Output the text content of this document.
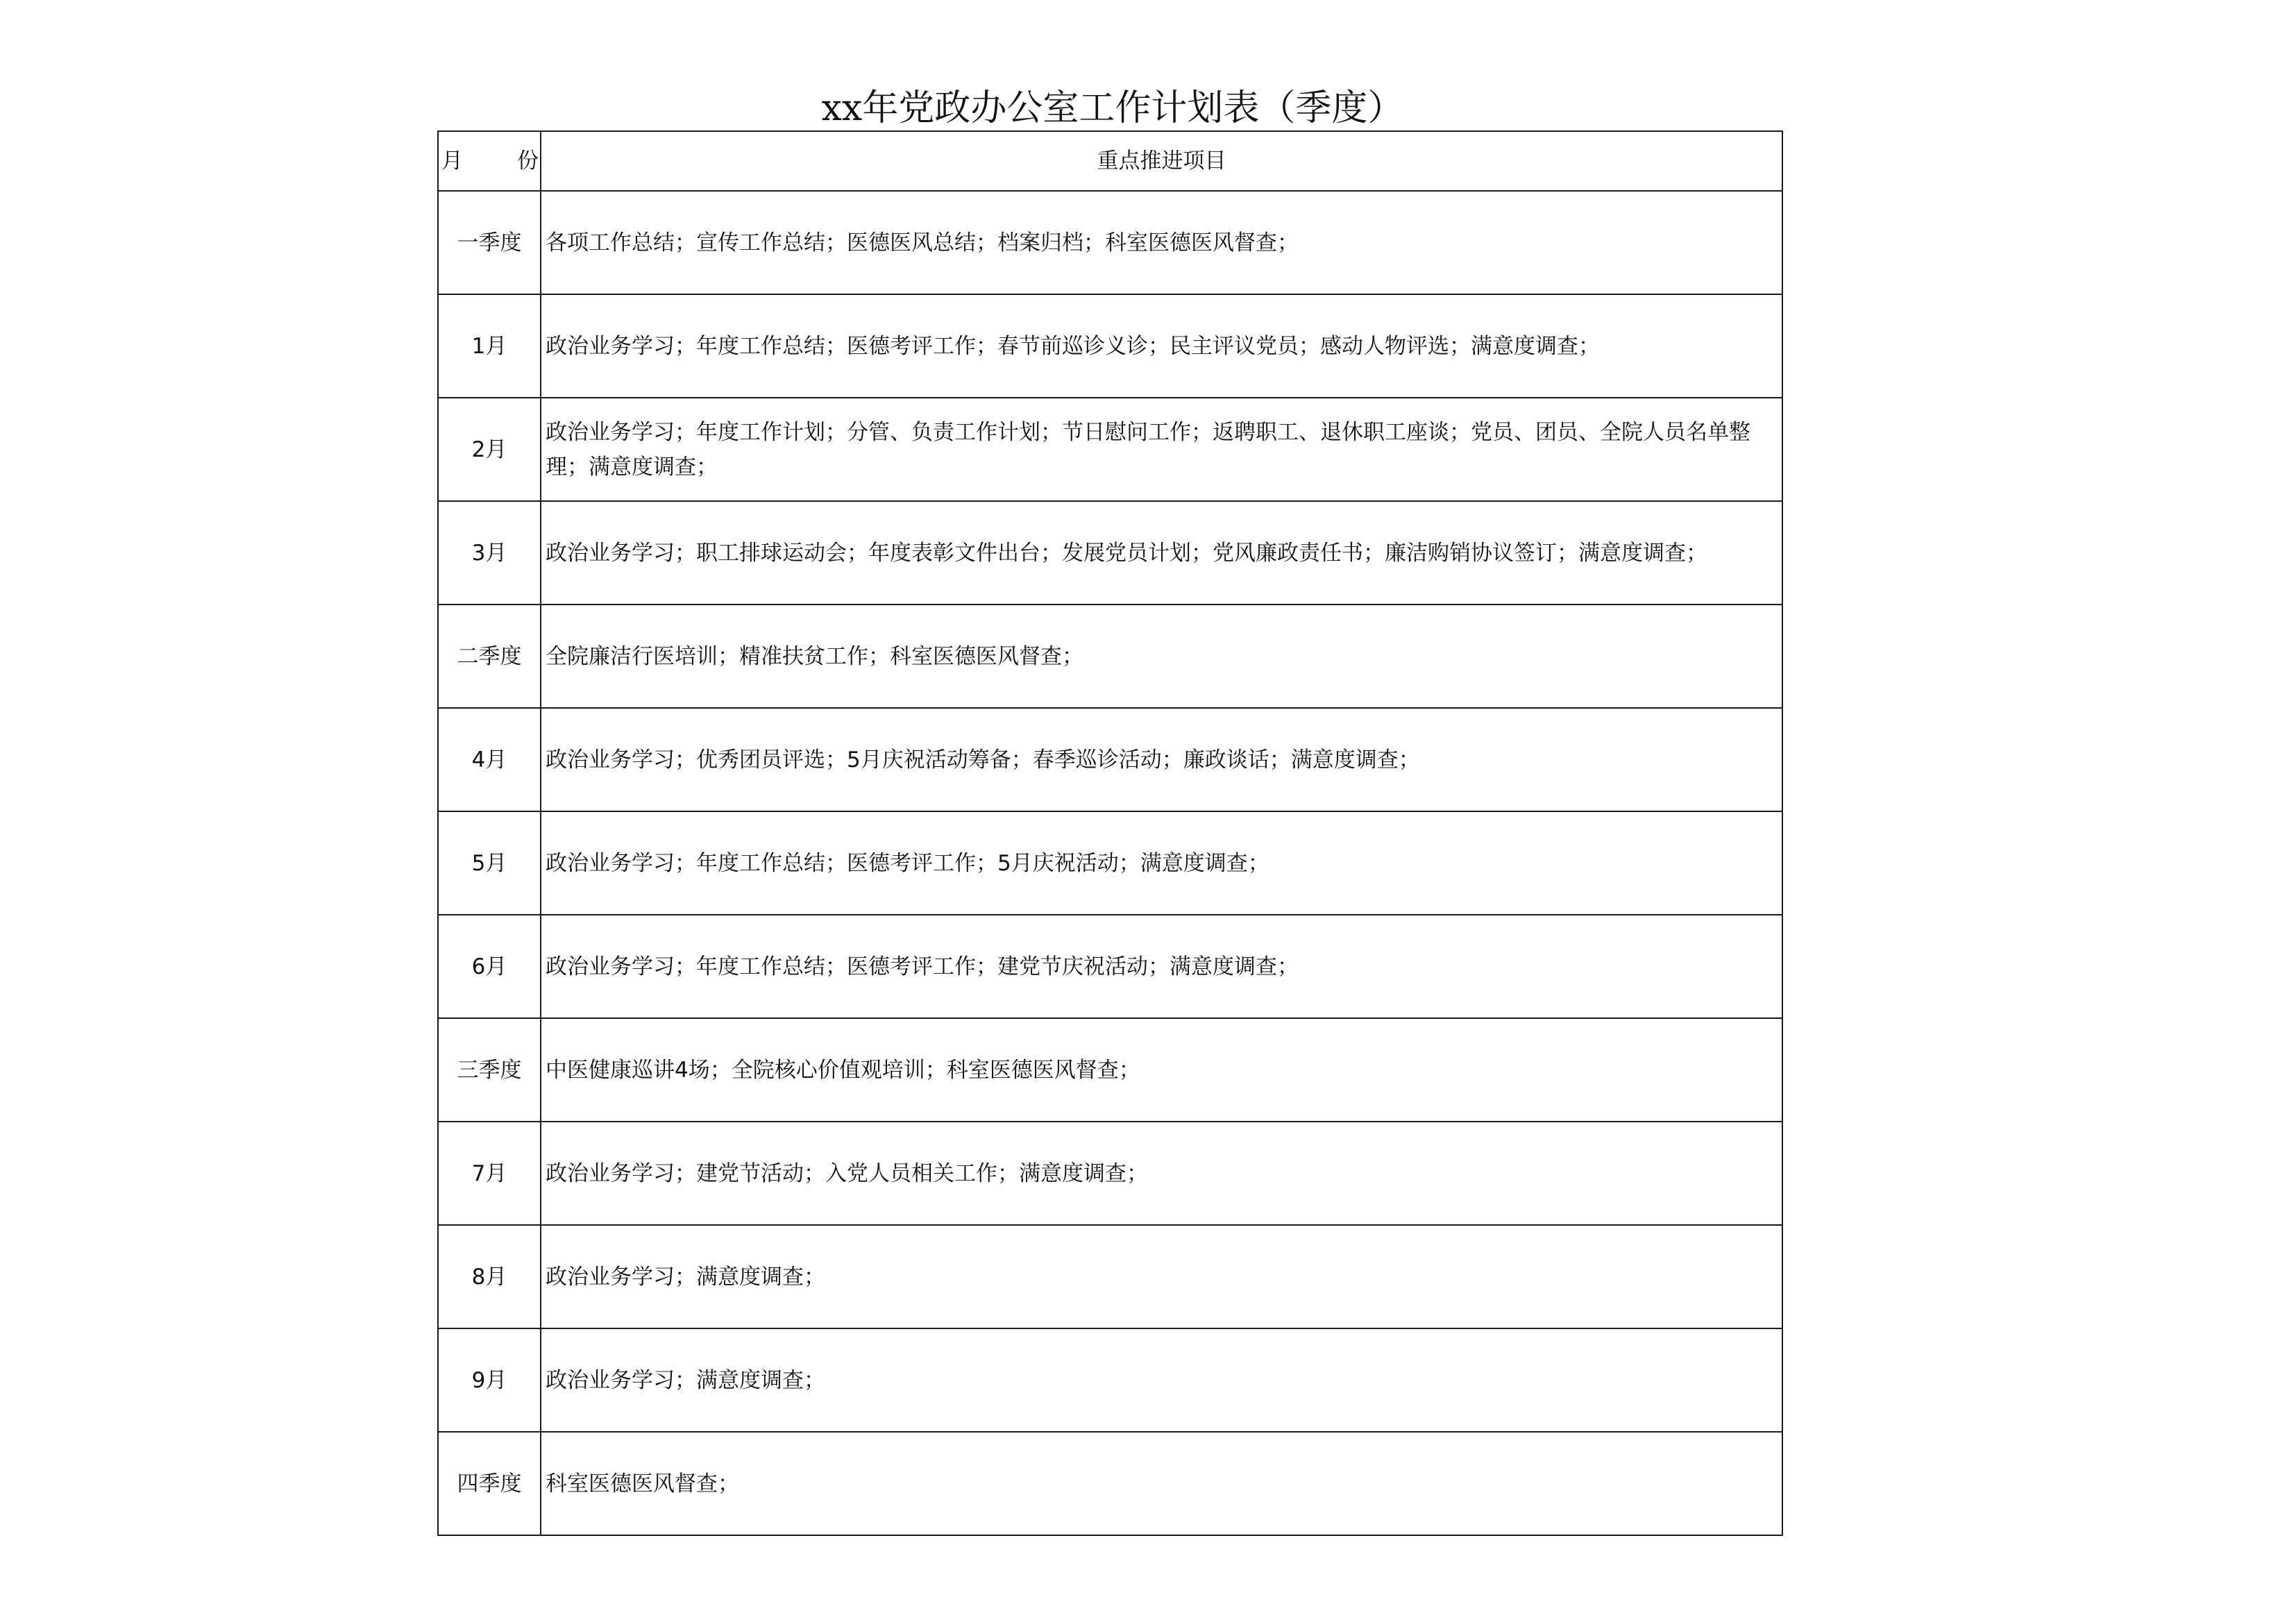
xx年党政办公室工作计划表（季度）
月 份	重点推进项目
一季度	各项工作总结；宣传工作总结；医德医风总结；档案归档；科室医德医风督查；
1月	政治业务学习；年度工作总结；医德考评工作；春节前巡诊义诊；民主评议党员；感动人物评选；满意度调查；
2月	政治业务学习；年度工作计划；分管、负责工作计划；节日慰问工作；返聘职工、退休职工座谈；党员、团员、全院人员名单整理；满意度调查；
3月	政治业务学习；职工排球运动会；年度表彰文件出台；发展党员计划；党风廉政责任书；廉洁购销协议签订；满意度调查；
二季度	全院廉洁行医培训；精准扶贫工作；科室医德医风督查；
4月	政治业务学习；优秀团员评选；5月庆祝活动筹备；春季巡诊活动；廉政谈话；满意度调查；
5月	政治业务学习；年度工作总结；医德考评工作；5月庆祝活动；满意度调查；
6月	政治业务学习；年度工作总结；医德考评工作；建党节庆祝活动；满意度调查；
三季度	中医健康巡讲4场；全院核心价值观培训；科室医德医风督查；
7月	政治业务学习；建党节活动；入党人员相关工作；满意度调查；
8月	政治业务学习；满意度调查；
9月	政治业务学习；满意度调查；
四季度	科室医德医风督查；
